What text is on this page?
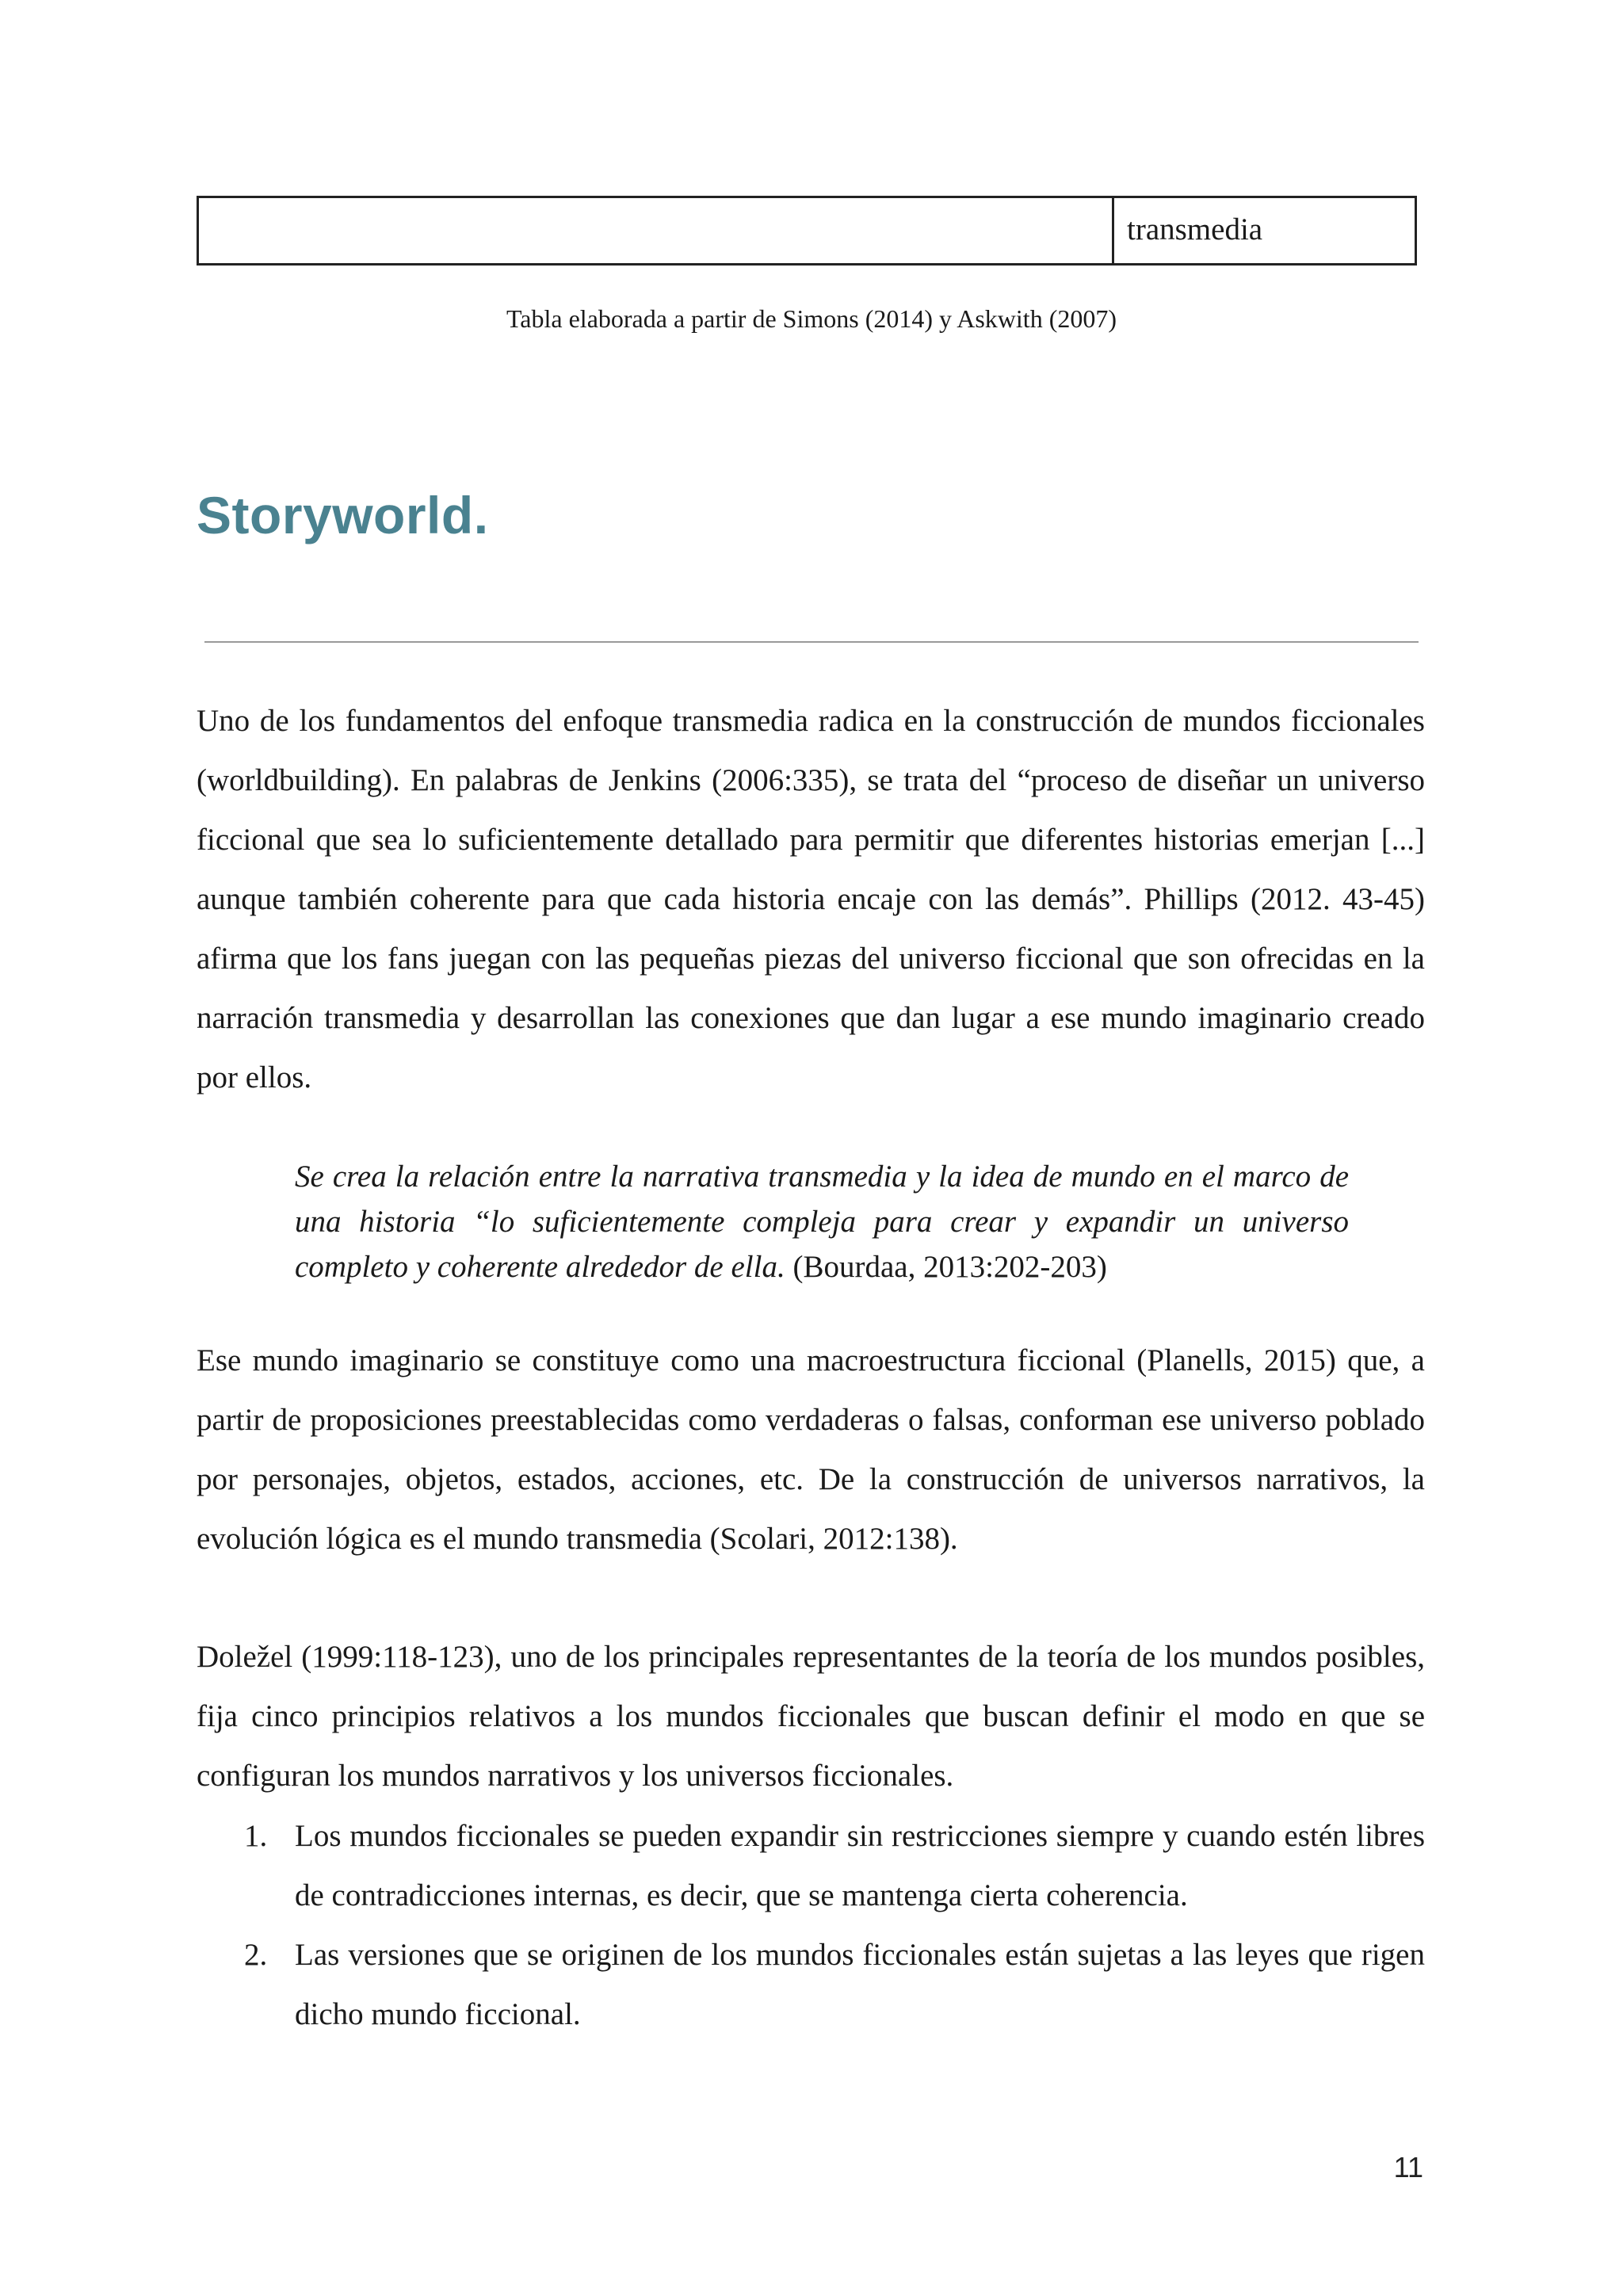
transmedia
Tabla elaborada a partir de Simons (2014) y Askwith (2007)
Storyworld.

Uno de los fundamentos del enfoque transmedia radica en la construcción de mundos ficcionales (worldbuilding). En palabras de Jenkins (2006:335), se trata del “proceso de diseñar un universo ficcional que sea lo suficientemente detallado para permitir que diferentes historias emerjan [...] aunque también coherente para que cada historia encaje con las demás”. Phillips (2012. 43-45) afirma que los fans juegan con las pequeñas piezas del universo ficcional que son ofrecidas en la narración transmedia y desarrollan las conexiones que dan lugar a ese mundo imaginario creado por ellos.

Se crea la relación entre la narrativa transmedia y la idea de mundo en el marco de una historia “lo suficientemente compleja para crear y expandir un universo completo y coherente alrededor de ella. (Bourdaa, 2013:202-203)

Ese mundo imaginario se constituye como una macroestructura ficcional (Planells, 2015) que, a partir de proposiciones preestablecidas como verdaderas o falsas, conforman ese universo poblado por personajes, objetos, estados, acciones, etc. De la construcción de universos narrativos, la evolución lógica es el mundo transmedia (Scolari, 2012:138).

Doležel (1999:118-123), uno de los principales representantes de la teoría de los mundos posibles, fija cinco principios relativos a los mundos ficcionales que buscan definir el modo en que se configuran los mundos narrativos y los universos ficcionales.

1. Los mundos ficcionales se pueden expandir sin restricciones siempre y cuando estén libres de contradicciones internas, es decir, que se mantenga cierta coherencia.
2. Las versiones que se originen de los mundos ficcionales están sujetas a las leyes que rigen dicho mundo ficcional.
11
